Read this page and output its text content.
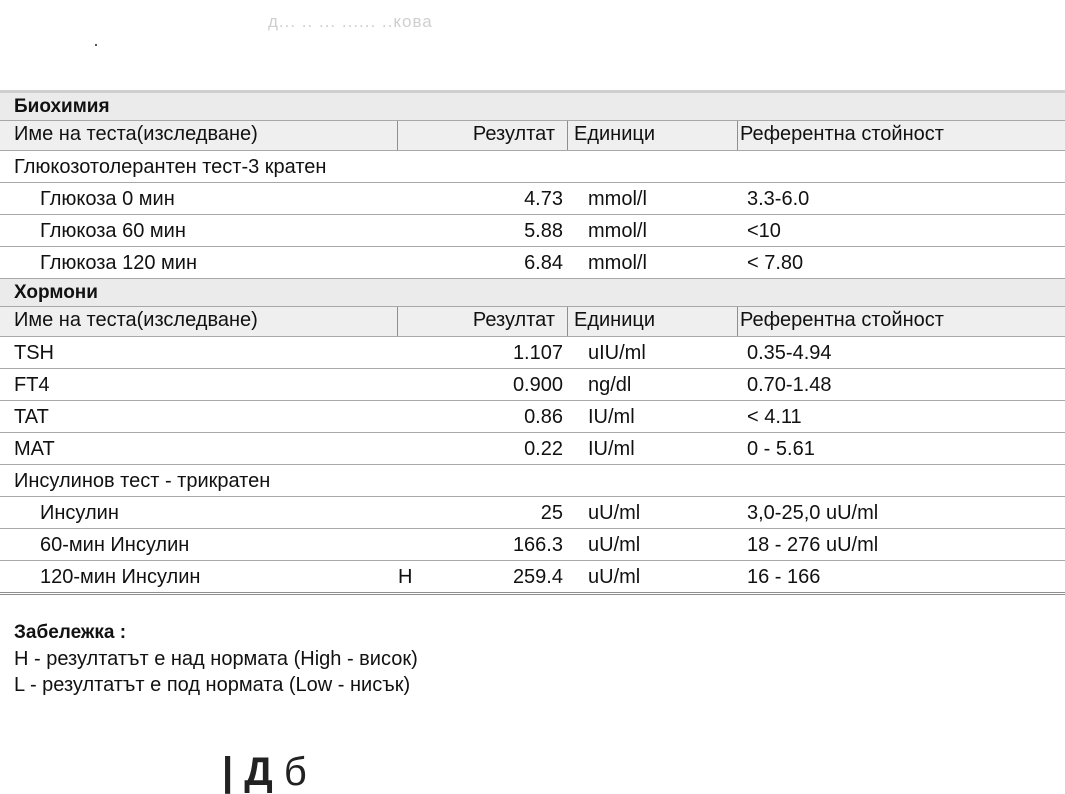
д... .. ... ...... ..кова
Биохимия
Име на теста(изследване)	Резултат Единици	Референтна стойност
Глюкозотолерантен тест-3 кратен
Глюкоза 0 мин	4.73 mmol/l	3.3-6.0
Глюкоза 60 мин	5.88 mmol/l	<10
Глюкоза 120 мин	6.84 mmol/l	< 7.80
Хормони
Име на теста(изследване)	Резултат Единици	Референтна стойност
TSH	1.107 uIU/ml	0.35-4.94
FT4	0.900 ng/dl	0.70-1.48
TAT	0.86 IU/ml	< 4.11
MAT	0.22 IU/ml	0 - 5.61
Инсулинов тест - трикратен
Инсулин	25 uU/ml	3,0-25,0 uU/ml
60-мин Инсулин	166.3 uU/ml	18 - 276 uU/ml
120-мин Инсулин	H	259.4 uU/ml	16 - 166
Забележка :
H - резултатът е над нормата (High - висок)
L - резултатът е под нормата (Low - нисък)
| Д б
